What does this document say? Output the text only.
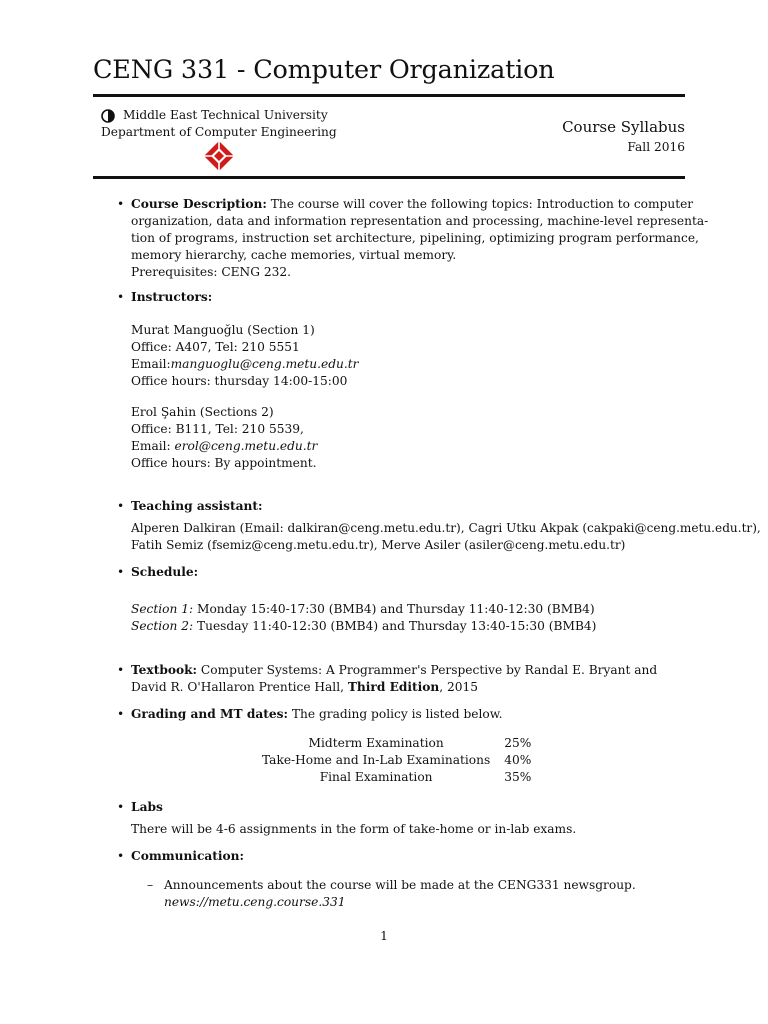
CENG 331 - Computer Organization
Middle East Technical University
Department of Computer Engineering	Course Syllabus
Fall 2016
• Course Description: The course will cover the following topics: Introduction to computer
organization, data and information representation and processing, machine-level representa-
tion of programs, instruction set architecture, pipelining, optimizing program performance,
memory hierarchy, cache memories, virtual memory.
Prerequisites: CENG 232.
• Instructors:
Murat Manguoğlu (Section 1)
Office: A407, Tel: 210 5551
Email:manguoglu@ceng.metu.edu.tr
Office hours: thursday 14:00-15:00
Erol Şahin (Sections 2)
Office: B111, Tel: 210 5539,
Email: erol@ceng.metu.edu.tr
Office hours: By appointment.
• Teaching assistant:
Alperen Dalkiran (Email: dalkiran@ceng.metu.edu.tr), Cagri Utku Akpak (cakpaki@ceng.metu.edu.tr),
Fatih Semiz (fsemiz@ceng.metu.edu.tr), Merve Asiler (asiler@ceng.metu.edu.tr)
• Schedule:
Section 1: Monday 15:40-17:30 (BMB4) and Thursday 11:40-12:30 (BMB4)
Section 2: Tuesday 11:40-12:30 (BMB4) and Thursday 13:40-15:30 (BMB4)
• Textbook: Computer Systems: A Programmer's Perspective by Randal E. Bryant and
David R. O'Hallaron Prentice Hall, Third Edition, 2015
• Grading and MT dates: The grading policy is listed below.
Midterm Examination	25%
Take-Home and In-Lab Examinations	40%
Final Examination	35%
• Labs
There will be 4-6 assignments in the form of take-home or in-lab exams.
• Communication:
– Announcements about the course will be made at the CENG331 newsgroup.
news://metu.ceng.course.331
1
